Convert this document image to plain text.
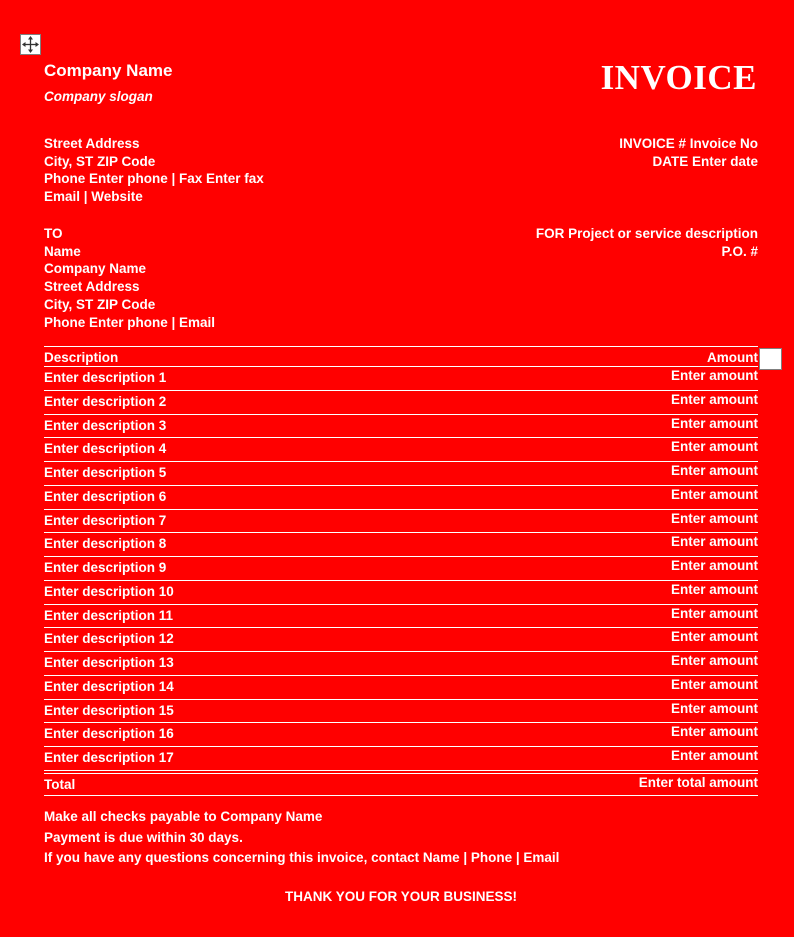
Company Name
Company slogan	INVOICE
Street Address
City, ST ZIP Code
Phone Enter phone | Fax Enter fax
Email | Website
INVOICE # Invoice No
DATE Enter date
TO
Name
Company Name
Street Address
City, ST ZIP Code
Phone Enter phone | Email
FOR Project or service description
P.O. #
Description	Amount
Enter description 1	Enter amount
Enter description 2	Enter amount
Enter description 3	Enter amount
Enter description 4	Enter amount
Enter description 5	Enter amount
Enter description 6	Enter amount
Enter description 7	Enter amount
Enter description 8	Enter amount
Enter description 9	Enter amount
Enter description 10	Enter amount
Enter description 11	Enter amount
Enter description 12	Enter amount
Enter description 13	Enter amount
Enter description 14	Enter amount
Enter description 15	Enter amount
Enter description 16	Enter amount
Enter description 17	Enter amount
Total	Enter total amount
Make all checks payable to Company Name
Payment is due within 30 days.
If you have any questions concerning this invoice, contact Name | Phone | Email
THANK YOU FOR YOUR BUSINESS!
